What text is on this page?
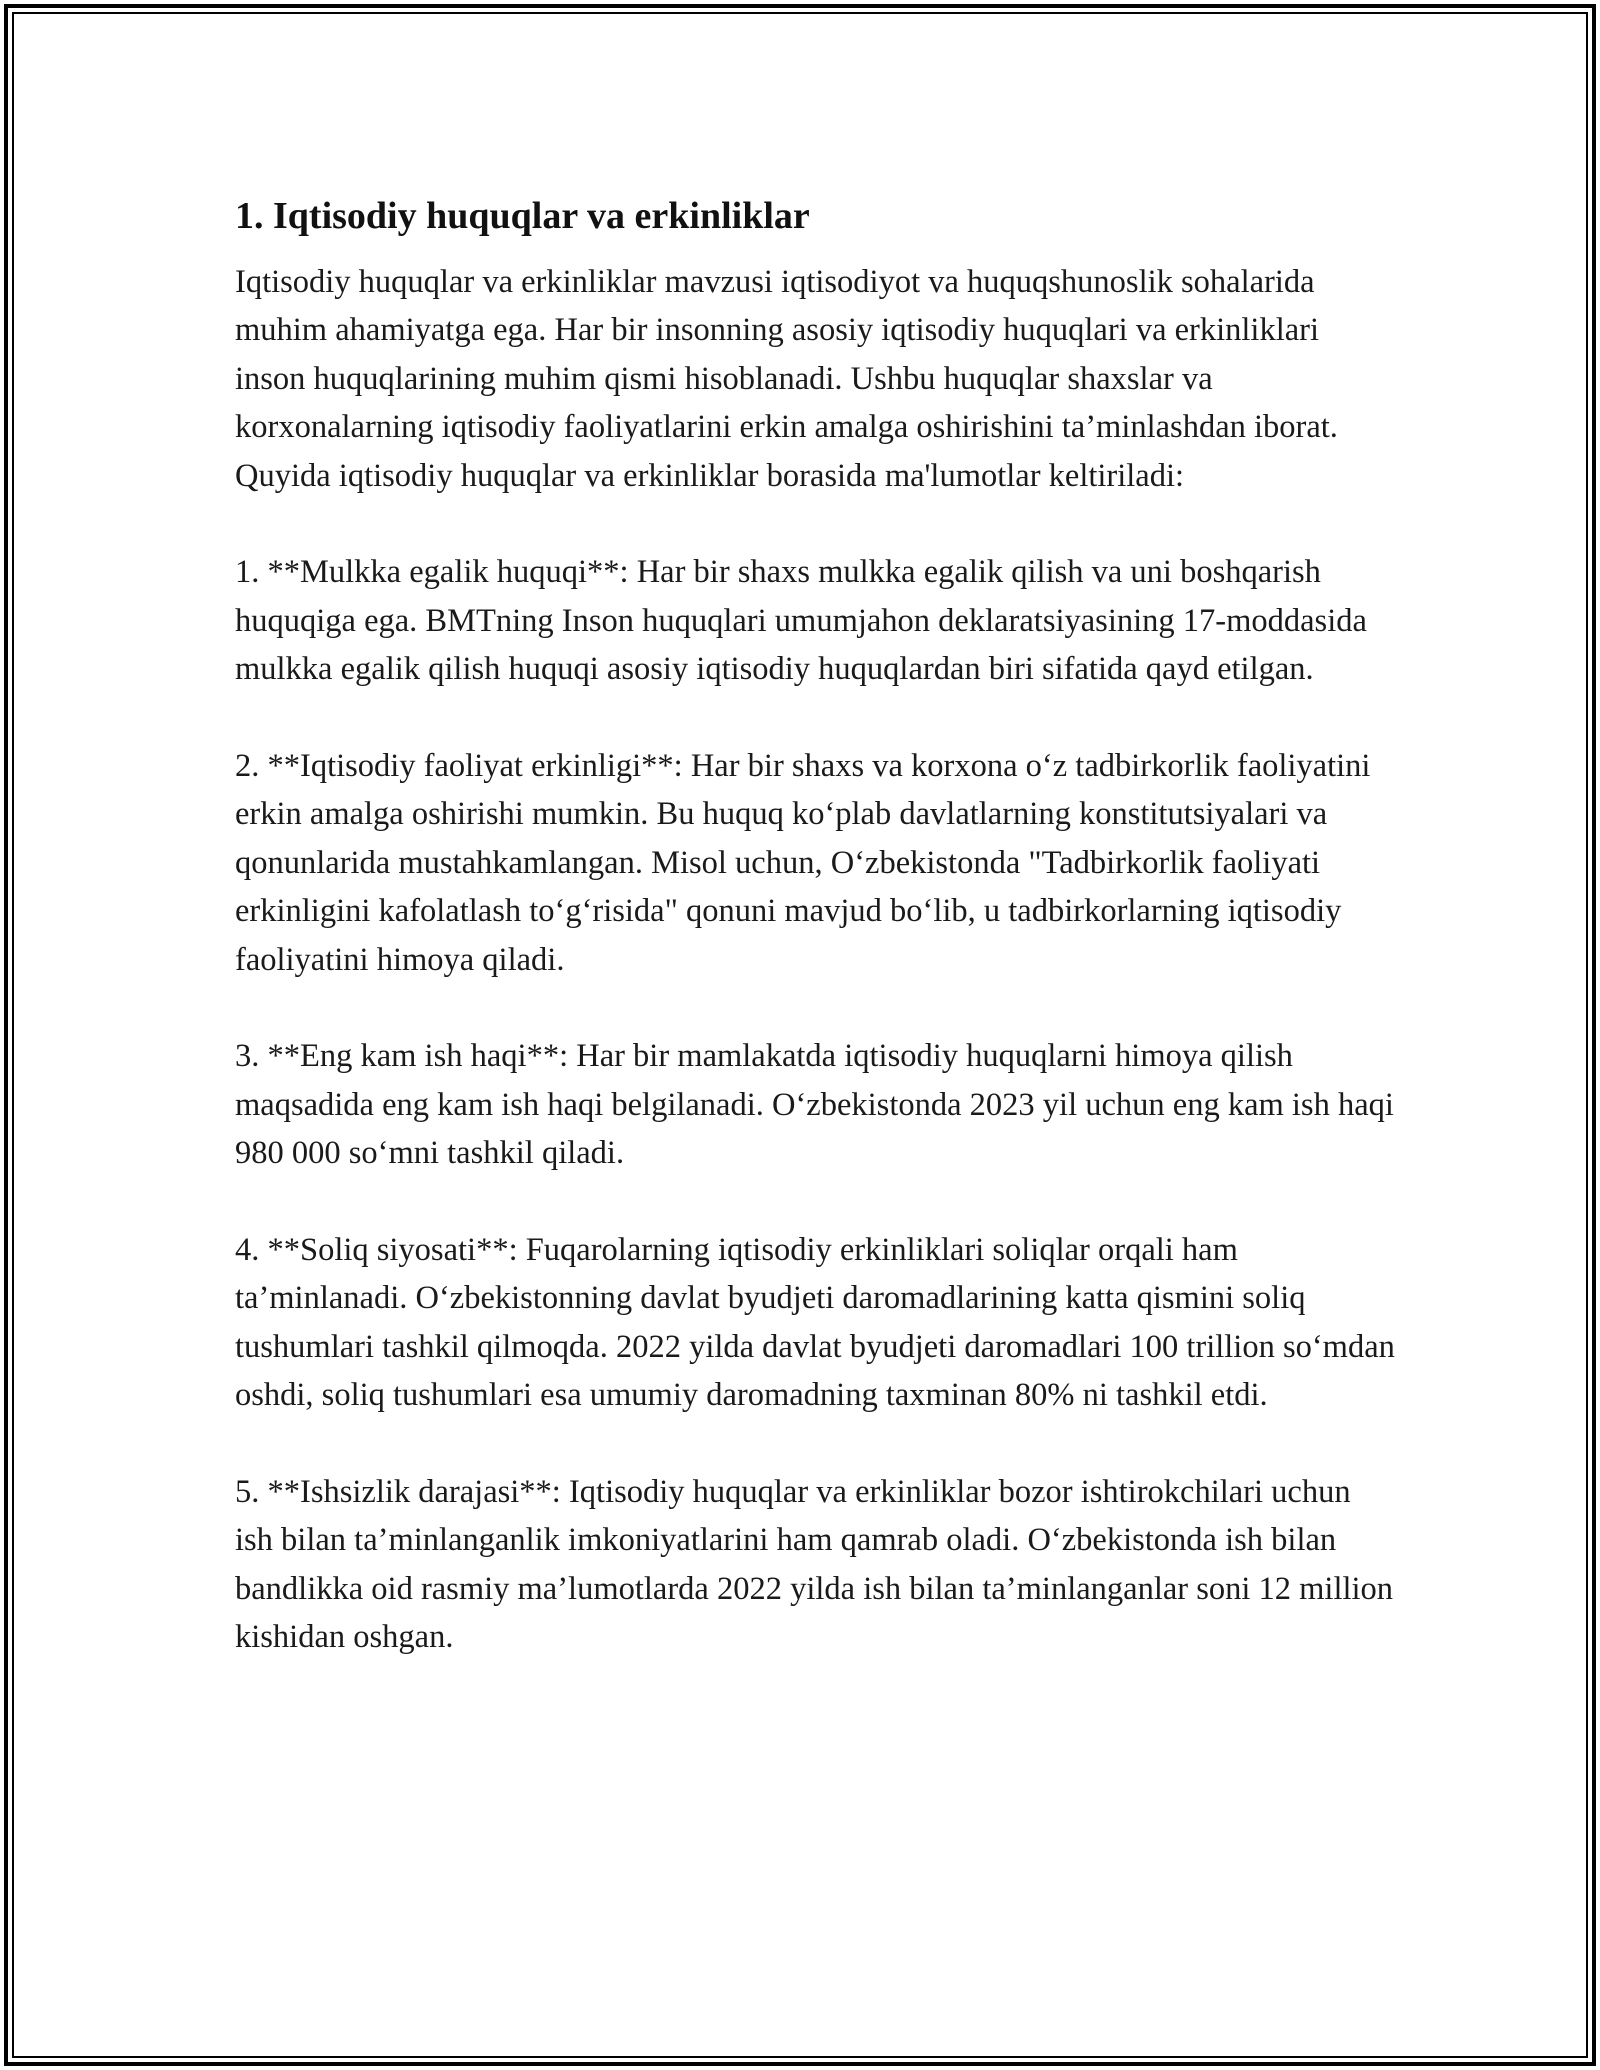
1. Iqtisodiy huquqlar va erkinliklar

Iqtisodiy huquqlar va erkinliklar mavzusi iqtisodiyot va huquqshunoslik sohalarida muhim ahamiyatga ega. Har bir insonning asosiy iqtisodiy huquqlari va erkinliklari inson huquqlarining muhim qismi hisoblanadi. Ushbu huquqlar shaxslar va korxonalarning iqtisodiy faoliyatlarini erkin amalga oshirishini ta’minlashdan iborat. Quyida iqtisodiy huquqlar va erkinliklar borasida ma'lumotlar keltiriladi:

1. **Mulkka egalik huquqi**: Har bir shaxs mulkka egalik qilish va uni boshqarish huquqiga ega. BMTning Inson huquqlari umumjahon deklaratsiyasining 17-moddasida mulkka egalik qilish huquqi asosiy iqtisodiy huquqlardan biri sifatida qayd etilgan.

2. **Iqtisodiy faoliyat erkinligi**: Har bir shaxs va korxona o‘z tadbirkorlik faoliyatini erkin amalga oshirishi mumkin. Bu huquq ko‘plab davlatlarning konstitutsiyalari va qonunlarida mustahkamlangan. Misol uchun, O‘zbekistonda "Tadbirkorlik faoliyati erkinligini kafolatlash to‘g‘risida" qonuni mavjud bo‘lib, u tadbirkorlarning iqtisodiy faoliyatini himoya qiladi.

3. **Eng kam ish haqi**: Har bir mamlakatda iqtisodiy huquqlarni himoya qilish maqsadida eng kam ish haqi belgilanadi. O‘zbekistonda 2023 yil uchun eng kam ish haqi 980 000 so‘mni tashkil qiladi.

4. **Soliq siyosati**: Fuqarolarning iqtisodiy erkinliklari soliqlar orqali ham ta’minlanadi. O‘zbekistonning davlat byudjeti daromadlarining katta qismini soliq tushumlari tashkil qilmoqda. 2022 yilda davlat byudjeti daromadlari 100 trillion so‘mdan oshdi, soliq tushumlari esa umumiy daromadning taxminan 80% ni tashkil etdi.

5. **Ishsizlik darajasi**: Iqtisodiy huquqlar va erkinliklar bozor ishtirokchilari uchun ish bilan ta’minlanganlik imkoniyatlarini ham qamrab oladi. O‘zbekistonda ish bilan bandlikka oid rasmiy ma’lumotlarda 2022 yilda ish bilan ta’minlanganlar soni 12 million kishidan oshgan.
